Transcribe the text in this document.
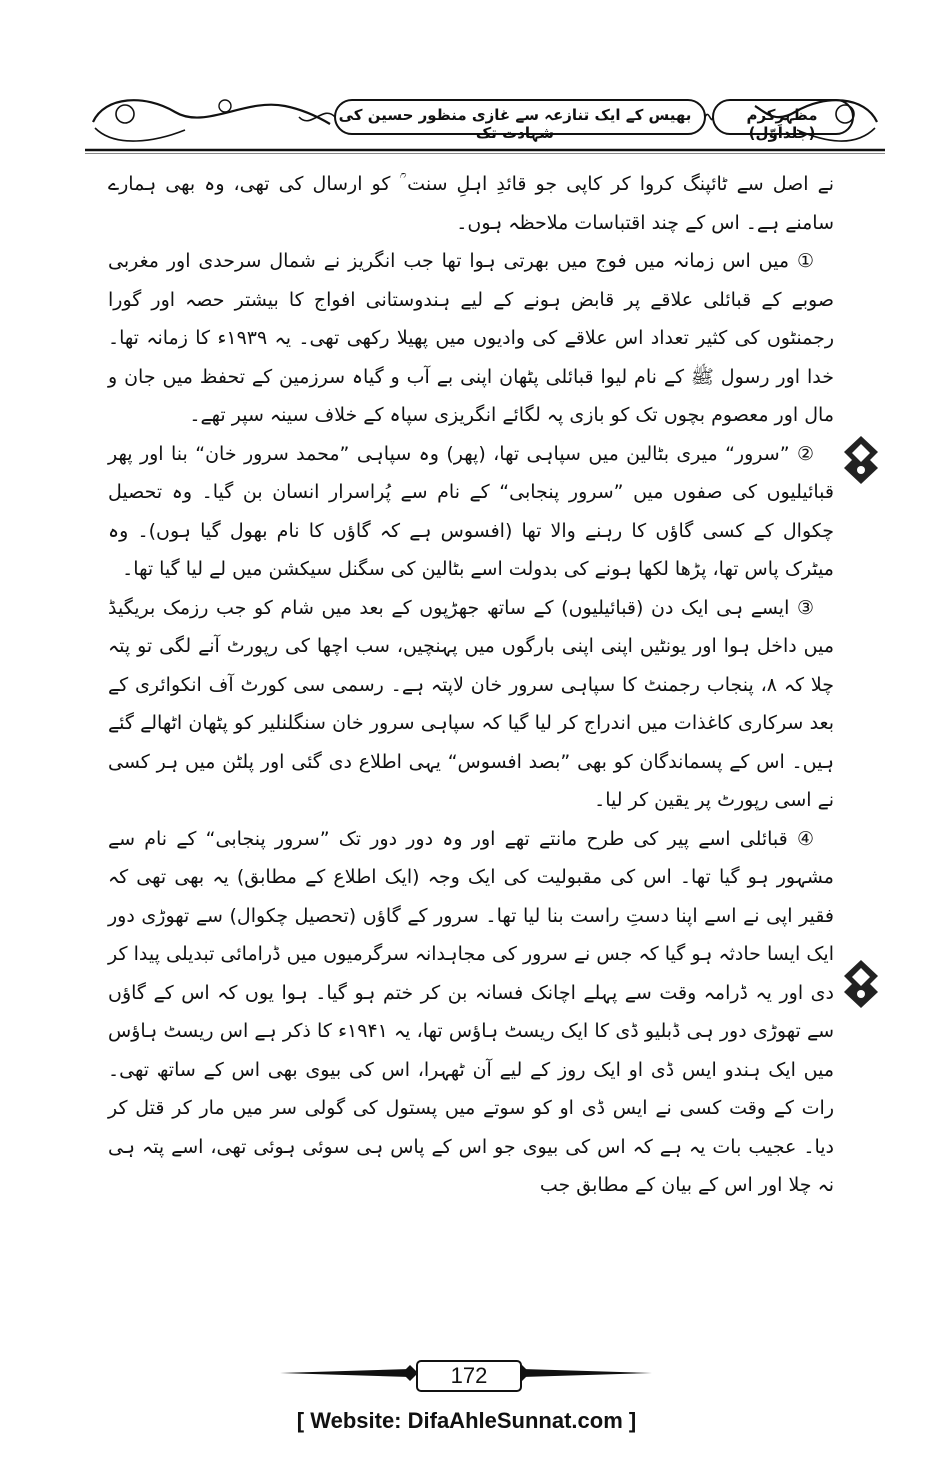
مظہرِکرم (جلداوّل)
بھیس کے ایک تنازعہ سے غازی منظور حسین کی شہادت تک

نے اصل سے ٹائپنگ کروا کر کاپی جو قائدِ اہلِ سنت ؒ کو ارسال کی تھی، وہ بھی ہمارے سامنے ہے۔ اس کے چند اقتباسات ملاحظہ ہوں۔

① میں اس زمانہ میں فوج میں بھرتی ہوا تھا جب انگریز نے شمال سرحدی اور مغربی صوبے کے قبائلی علاقے پر قابض ہونے کے لیے ہندوستانی افواج کا بیشتر حصہ اور گورا رجمنٹوں کی کثیر تعداد اس علاقے کی وادیوں میں پھیلا رکھی تھی۔ یہ ۱۹۳۹ء کا زمانہ تھا۔ خدا اور رسول ﷺ کے نام لیوا قبائلی پٹھان اپنی بے آب و گیاہ سرزمین کے تحفظ میں جان و مال اور معصوم بچوں تک کو بازی پہ لگائے انگریزی سپاہ کے خلاف سینہ سپر تھے۔

② ”سرور“ میری بٹالین میں سپاہی تھا، (پھر) وہ سپاہی ”محمد سرور خان“ بنا اور پھر قبائیلیوں کی صفوں میں ”سرور پنجابی“ کے نام سے پُراسرار انسان بن گیا۔ وہ تحصیل چکوال کے کسی گاؤں کا رہنے والا تھا (افسوس ہے کہ گاؤں کا نام بھول گیا ہوں)۔ وہ میٹرک پاس تھا، پڑھا لکھا ہونے کی بدولت اسے بٹالین کی سگنل سیکشن میں لے لیا گیا تھا۔

③ ایسے ہی ایک دن (قبائیلیوں) کے ساتھ جھڑپوں کے بعد میں شام کو جب رزمک بریگیڈ میں داخل ہوا اور یونٹیں اپنی اپنی بارگوں میں پہنچیں، سب اچھا کی رپورٹ آنے لگی تو پتہ چلا کہ ۸، پنجاب رجمنٹ کا سپاہی سرور خان لاپتہ ہے۔ رسمی سی کورٹ آف انکوائری کے بعد سرکاری کاغذات میں اندراج کر لیا گیا کہ سپاہی سرور خان سنگلنلیر کو پٹھان اٹھالے گئے ہیں۔ اس کے پسماندگان کو بھی ”بصد افسوس“ یہی اطلاع دی گئی اور پلٹن میں ہر کسی نے اسی رپورٹ پر یقین کر لیا۔

④ قبائلی اسے پیر کی طرح مانتے تھے اور وہ دور دور تک ”سرور پنجابی“ کے نام سے مشہور ہو گیا تھا۔ اس کی مقبولیت کی ایک وجہ (ایک اطلاع کے مطابق) یہ بھی تھی کہ فقیر اپی نے اسے اپنا دستِ راست بنا لیا تھا۔ سرور کے گاؤں (تحصیل چکوال) سے تھوڑی دور ایک ایسا حادثہ ہو گیا کہ جس نے سرور کی مجاہدانہ سرگرمیوں میں ڈرامائی تبدیلی پیدا کر دی اور یہ ڈرامہ وقت سے پہلے اچانک فسانہ بن کر ختم ہو گیا۔ ہوا یوں کہ اس کے گاؤں سے تھوڑی دور ہی ڈبلیو ڈی کا ایک ریسٹ ہاؤس تھا، یہ ۱۹۴۱ء کا ذکر ہے اس ریسٹ ہاؤس میں ایک ہندو ایس ڈی او ایک روز کے لیے آن ٹھہرا، اس کی بیوی بھی اس کے ساتھ تھی۔ رات کے وقت کسی نے ایس ڈی او کو سوتے میں پستول کی گولی سر میں مار کر قتل کر دیا۔ عجیب بات یہ ہے کہ اس کی بیوی جو اس کے پاس ہی سوئی ہوئی تھی، اسے پتہ ہی نہ چلا اور اس کے بیان کے مطابق جب

172
[ Website: DifaAhleSunnat.com ]
